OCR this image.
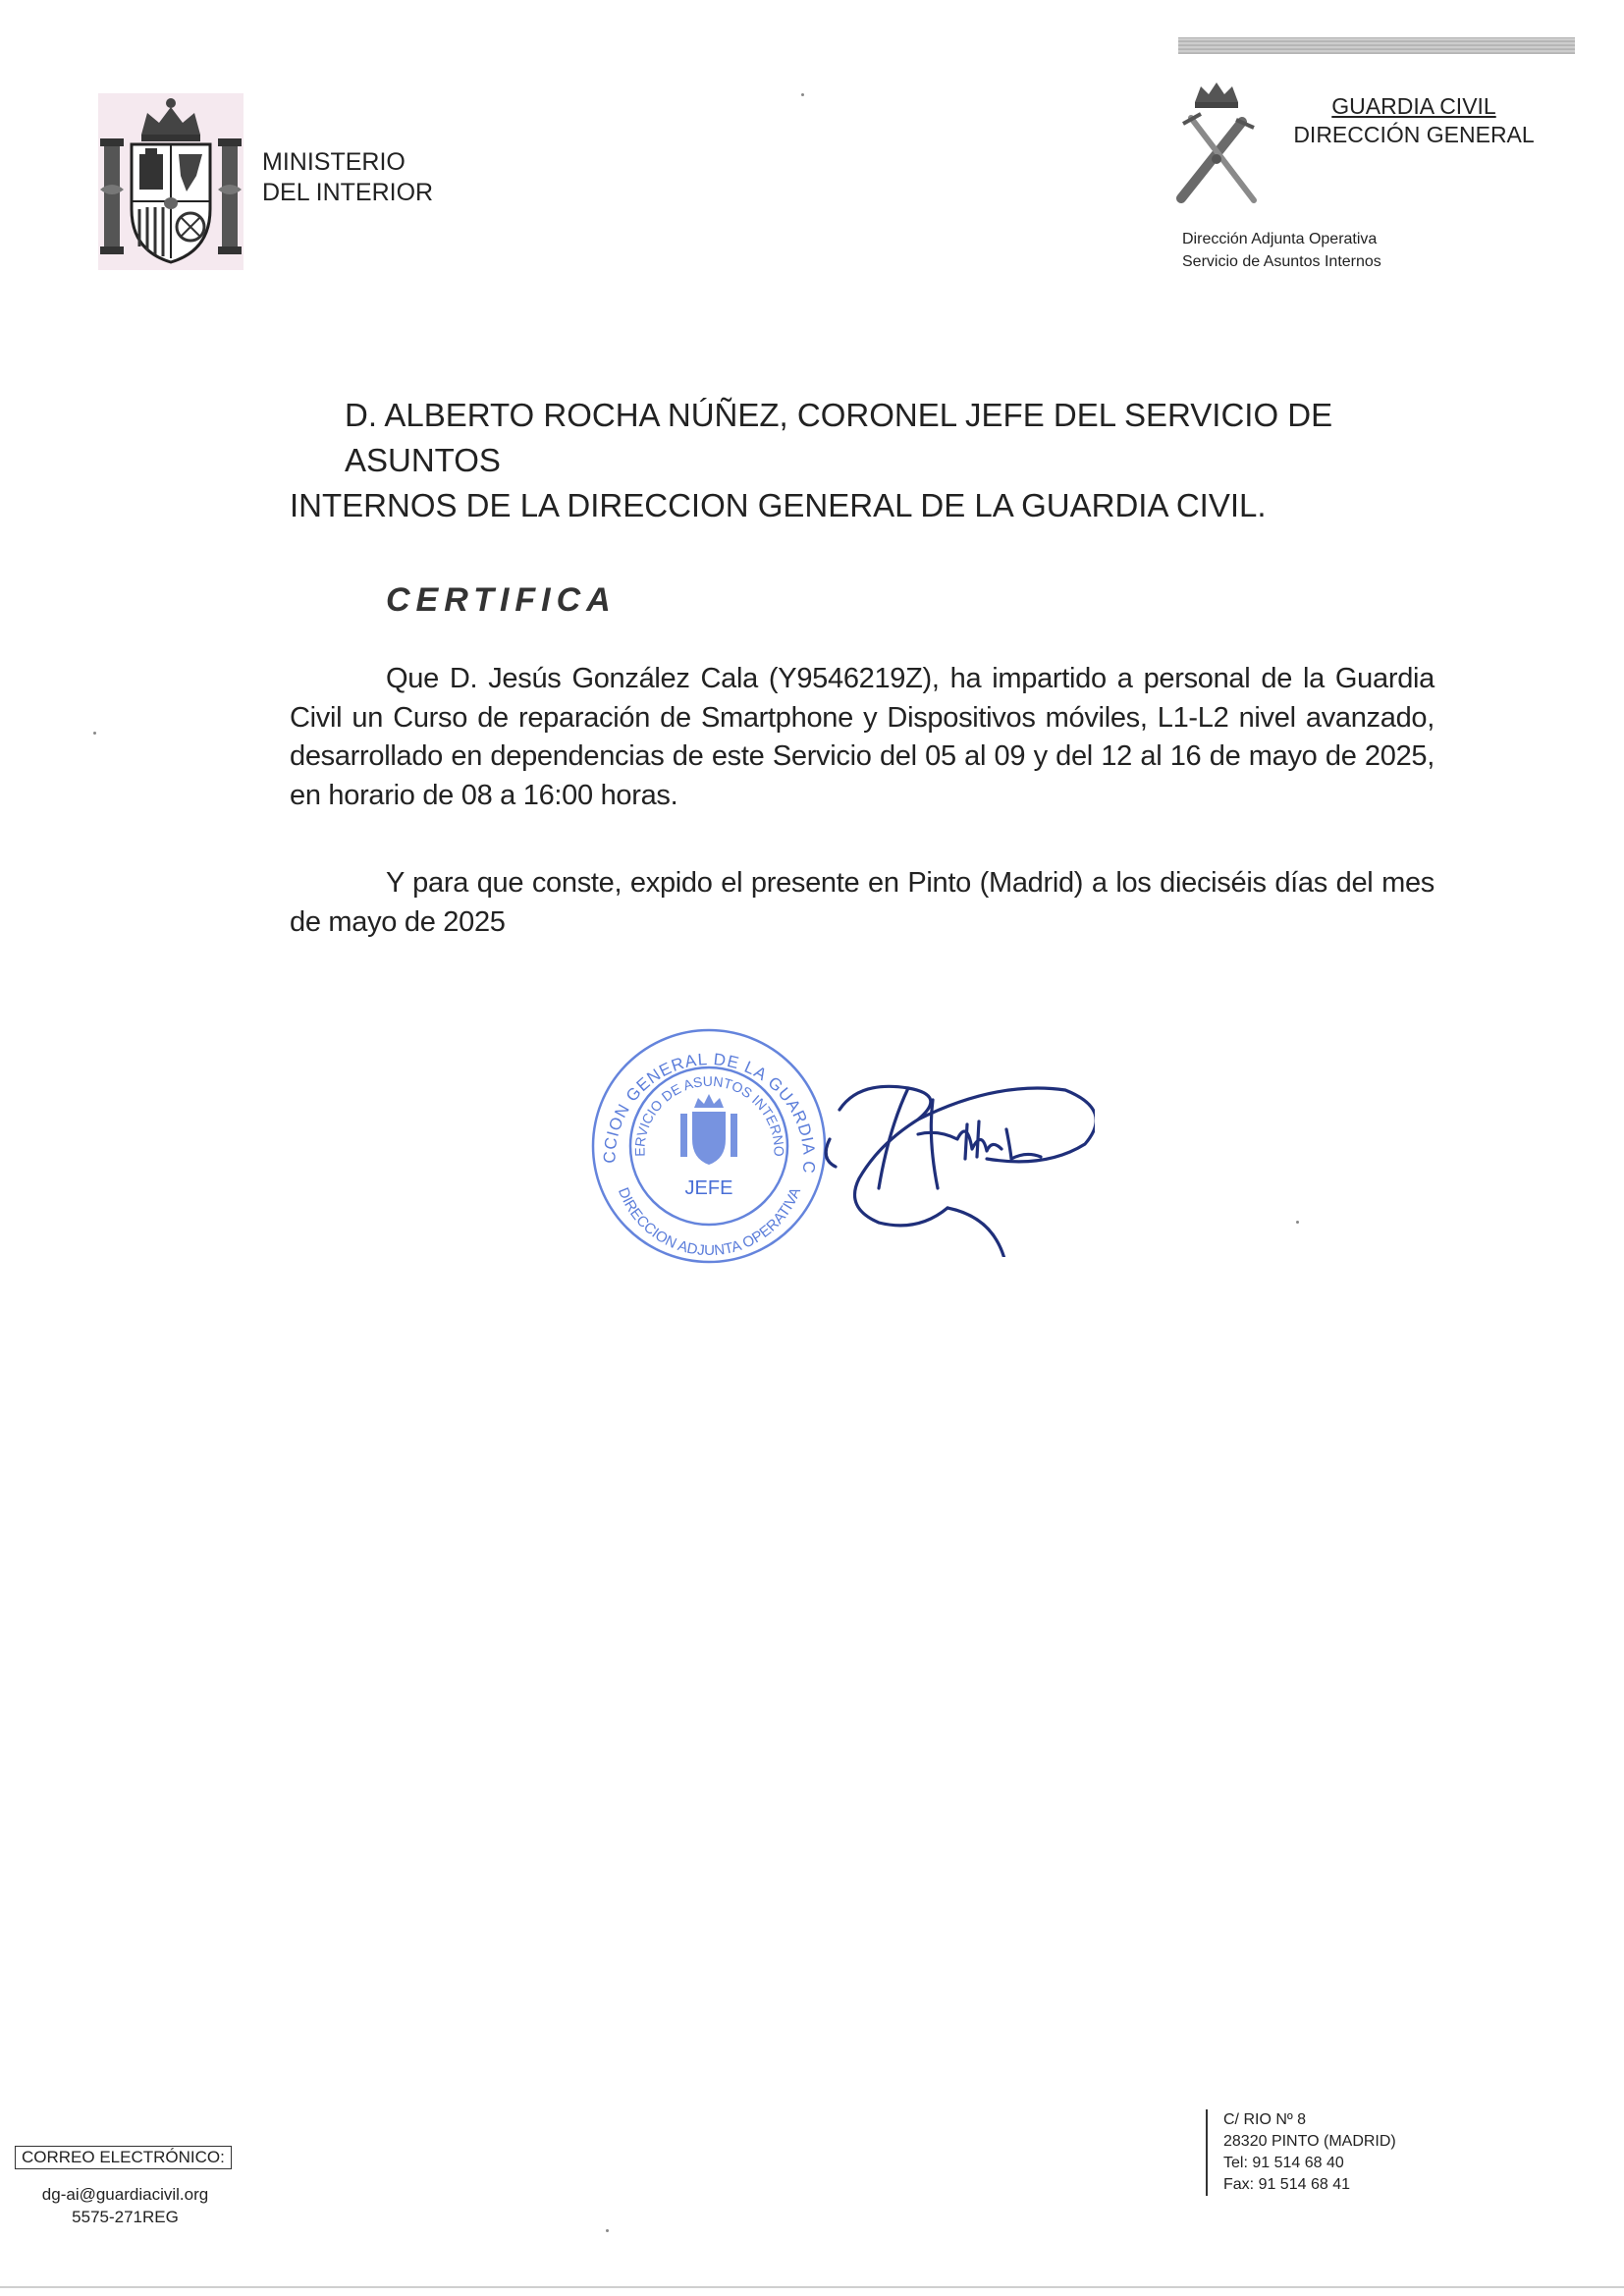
MINISTERIO
DEL INTERIOR
GUARDIA CIVIL
DIRECCIÓN GENERAL
Dirección Adjunta Operativa
Servicio de Asuntos Internos
D. ALBERTO ROCHA NÚÑEZ, CORONEL JEFE DEL SERVICIO DE ASUNTOS
INTERNOS DE LA DIRECCION GENERAL DE LA GUARDIA CIVIL.
CERTIFICA
Que D. Jesús González Cala (Y9546219Z), ha impartido a personal de la Guardia Civil un Curso de reparación de Smartphone y Dispositivos móviles, L1-L2 nivel avanzado, desarrollado en dependencias de este Servicio del 05 al 09 y del 12 al 16 de mayo de 2025, en horario de 08 a 16:00 horas.
Y para que conste, expido el presente en Pinto (Madrid) a los dieciséis días del mes de mayo de 2025
CCION GENERAL DE LA GUARDIA C
ERVICIO DE ASUNTOS INTERNO
DIRECCION ADJUNTA OPERATIVA
JEFE
CORREO ELECTRÓNICO:
dg-ai@guardiacivil.org
5575-271REG
C/ RIO Nº 8
28320 PINTO (MADRID)
Tel: 91 514 68 40
Fax: 91 514 68 41
